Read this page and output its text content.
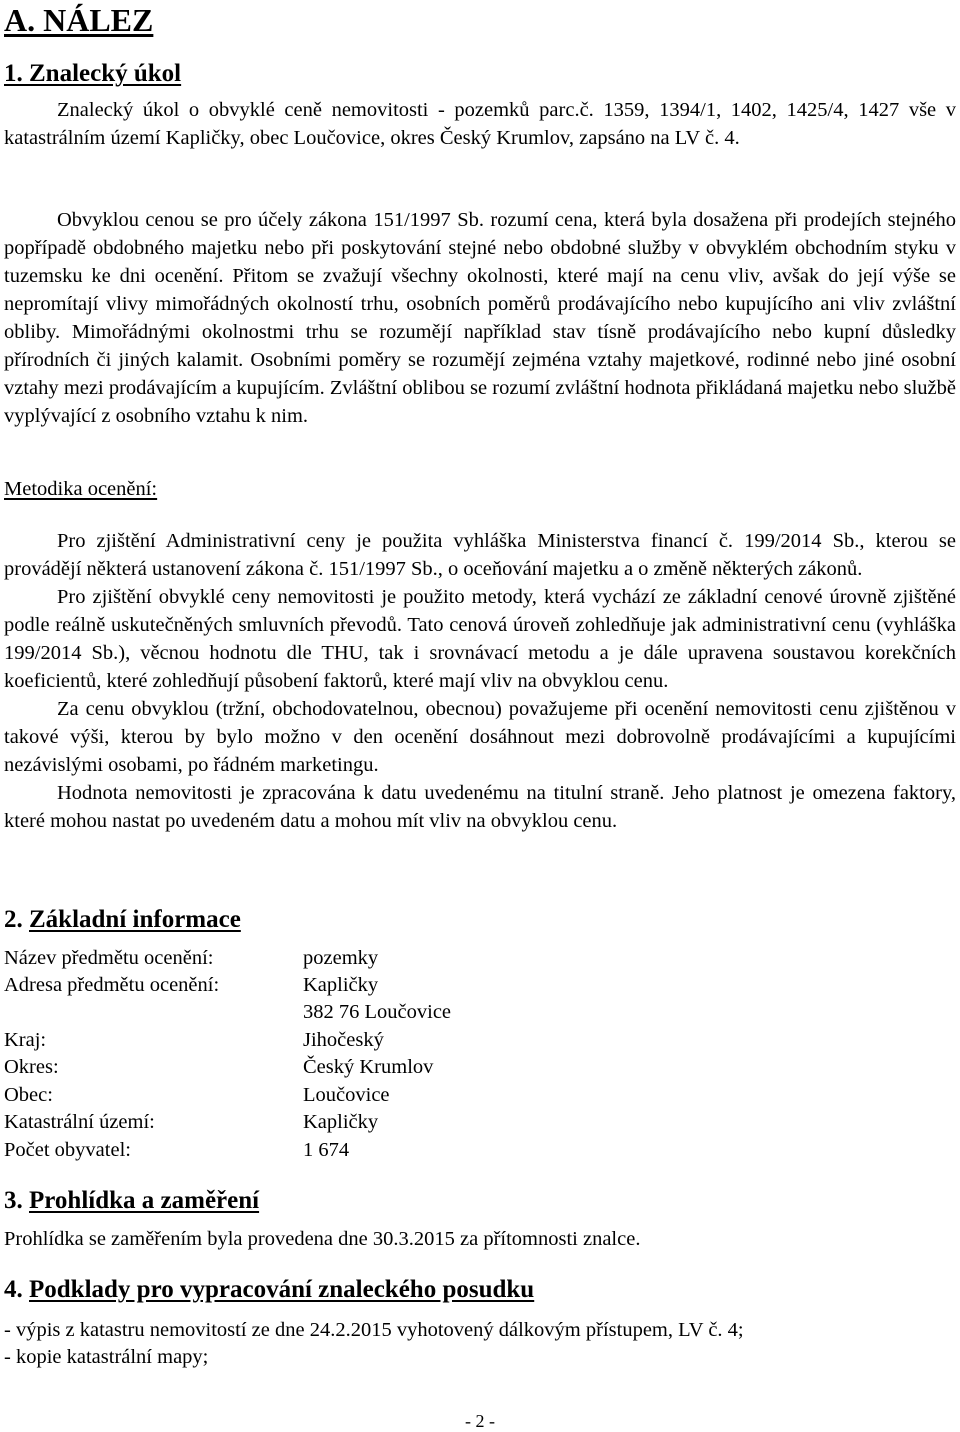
A. NÁLEZ
1. Znalecký úkol

Znalecký úkol o obvyklé ceně nemovitosti - pozemků parc.č. 1359, 1394/1, 1402, 1425/4, 1427 vše v katastrálním území Kapličky, obec Loučovice, okres Český Krumlov, zapsáno na LV č. 4.

Obvyklou cenou se pro účely zákona 151/1997 Sb. rozumí cena, která byla dosažena při prodejích stejného popřípadě obdobného majetku nebo při poskytování stejné nebo obdobné služby v obvyklém obchodním styku v tuzemsku ke dni ocenění. Přitom se zvažují všechny okolnosti, které mají na cenu vliv, avšak do její výše se nepromítají vlivy mimořádných okolností trhu, osobních poměrů prodávajícího nebo kupujícího ani vliv zvláštní obliby. Mimořádnými okolnostmi trhu se rozumějí například stav tísně prodávajícího nebo kupní důsledky přírodních či jiných kalamit. Osobními poměry se rozumějí zejména vztahy majetkové, rodinné nebo jiné osobní vztahy mezi prodávajícím a kupujícím. Zvláštní oblibou se rozumí zvláštní hodnota přikládaná majetku nebo službě vyplývající z osobního vztahu k nim.

Metodika ocenění:

Pro zjištění Administrativní ceny je použita vyhláška Ministerstva financí č. 199/2014 Sb., kterou se provádějí některá ustanovení zákona č. 151/1997 Sb., o oceňování majetku a o změně některých zákonů.

Pro zjištění obvyklé ceny nemovitosti je použito metody, která vychází ze základní cenové úrovně zjištěné podle reálně uskutečněných smluvních převodů. Tato cenová úroveň zohledňuje jak administrativní cenu (vyhláška 199/2014 Sb.), věcnou hodnotu dle THU, tak i srovnávací metodu a je dále upravena soustavou korekčních koeficientů, které zohledňují působení faktorů, které mají vliv na obvyklou cenu.

Za cenu obvyklou (tržní, obchodovatelnou, obecnou) považujeme při ocenění nemovitosti cenu zjištěnou v takové výši, kterou by bylo možno v den ocenění dosáhnout mezi dobrovolně prodávajícími a kupujícími nezávislými osobami, po řádném marketingu.

Hodnota nemovitosti je zpracována k datu uvedenému na titulní straně. Jeho platnost je omezena faktory, které mohou nastat po uvedeném datu a mohou mít vliv na obvyklou cenu.

2. Základní informace
Název předmětu ocenění:	pozemky
Adresa předmětu ocenění:	Kapličky
382 76 Loučovice
Kraj:	Jihočeský
Okres:	Český Krumlov
Obec:	Loučovice
Katastrální území:	Kapličky
Počet obyvatel:	1 674
3. Prohlídka a zaměření
Prohlídka se zaměřením byla provedena dne 30.3.2015 za přítomnosti znalce.
4. Podklady pro vypracování znaleckého posudku
- výpis z katastru nemovitostí ze dne 24.2.2015 vyhotovený dálkovým přístupem, LV č. 4;
- kopie katastrální mapy;
- 2 -
